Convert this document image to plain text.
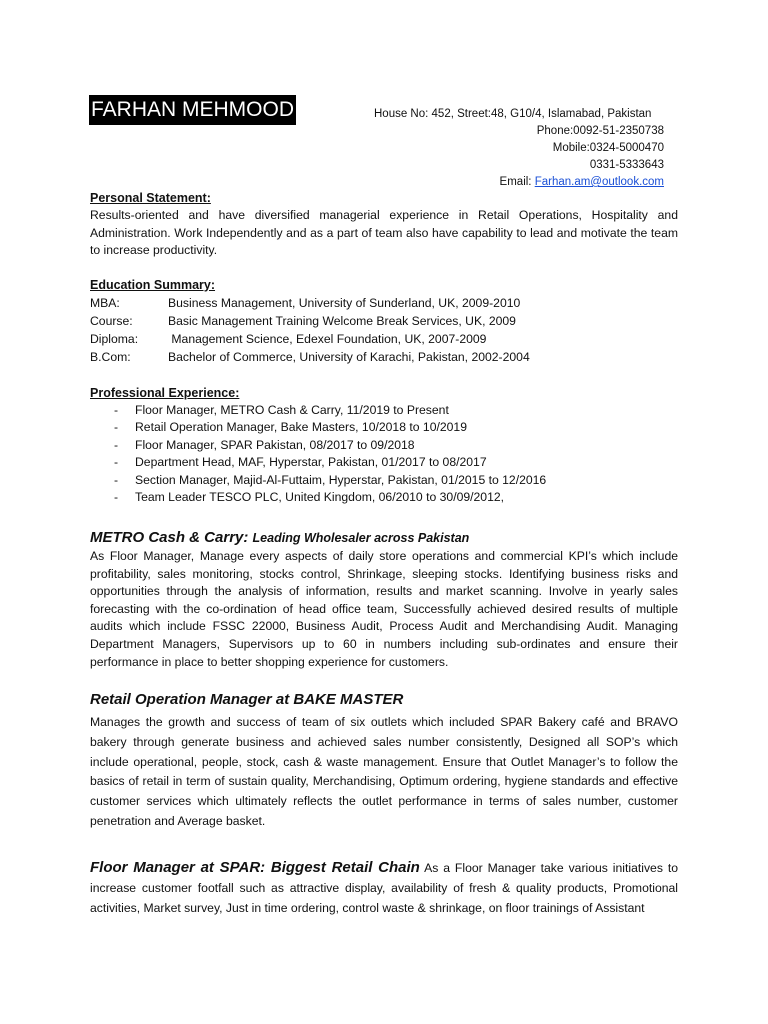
FARHAN MEHMOOD	House No: 452, Street:48, G10/4, Islamabad, Pakistan
Phone:0092-51-2350738
Mobile:0324-5000470
0331-5333643
Email: Farhan.am@outlook.com

Personal Statement:

Results-oriented and have diversified managerial experience in Retail Operations, Hospitality and Administration. Work Independently and as a part of team also have capability to lead and motivate the team to increase productivity.

Education Summary:

MBA:	Business Management, University of Sunderland, UK, 2009-2010
Course:	Basic Management Training Welcome Break Services, UK, 2009
Diploma: Management Science, Edexel Foundation, UK, 2007-2009
B.Com:	Bachelor of Commerce, University of Karachi, Pakistan, 2002-2004

Professional Experience:

- Floor Manager, METRO Cash & Carry, 11/2019 to Present
- Retail Operation Manager, Bake Masters, 10/2018 to 10/2019
- Floor Manager, SPAR Pakistan, 08/2017 to 09/2018
- Department Head, MAF, Hyperstar, Pakistan, 01/2017 to 08/2017
- Section Manager, Majid-Al-Futtaim, Hyperstar, Pakistan, 01/2015 to 12/2016
- Team Leader TESCO PLC, United Kingdom, 06/2010 to 30/09/2012,

METRO Cash & Carry: Leading Wholesaler across Pakistan

As Floor Manager, Manage every aspects of daily store operations and commercial KPI’s which include profitability, sales monitoring, stocks control, Shrinkage, sleeping stocks. Identifying business risks and opportunities through the analysis of information, results and market scanning. Involve in yearly sales forecasting with the co-ordination of head office team, Successfully achieved desired results of multiple audits which include FSSC 22000, Business Audit, Process Audit and Merchandising Audit. Managing Department Managers, Supervisors up to 60 in numbers including sub-ordinates and ensure their performance in place to better shopping experience for customers.

Retail Operation Manager at BAKE MASTER

Manages the growth and success of team of six outlets which included SPAR Bakery café and BRAVO bakery through generate business and achieved sales number consistently, Designed all SOP’s which include operational, people, stock, cash & waste management. Ensure that Outlet Manager’s to follow the basics of retail in term of sustain quality, Merchandising, Optimum ordering, hygiene standards and effective customer services which ultimately reflects the outlet performance in terms of sales number, customer penetration and Average basket.

Floor Manager at SPAR: Biggest Retail Chain As a Floor Manager take various initiatives to increase customer footfall such as attractive display, availability of fresh & quality products, Promotional activities, Market survey, Just in time ordering, control waste & shrinkage, on floor trainings of Assistant
